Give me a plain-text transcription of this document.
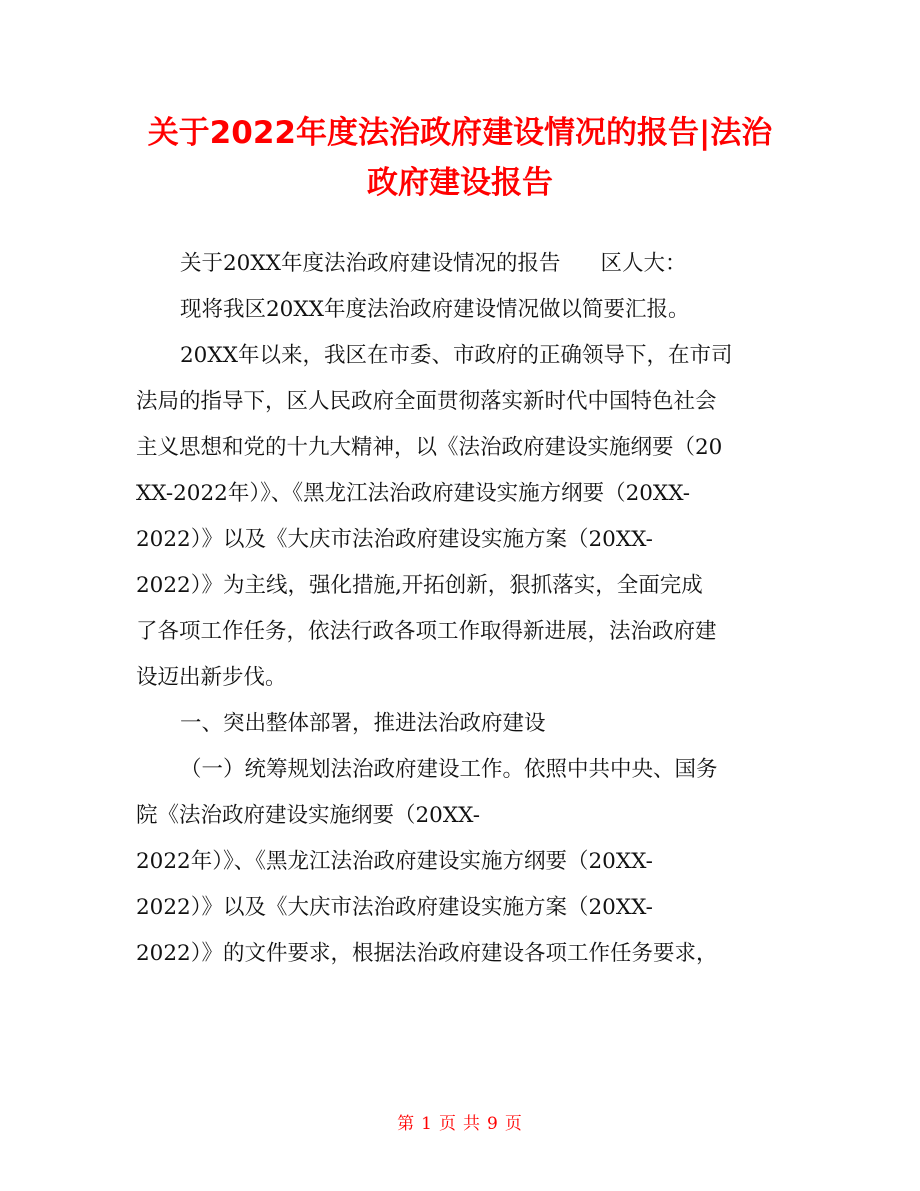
关于2022年度法治政府建设情况的报告|法治
政府建设报告
关于20XX年度法治政府建设情况的报告 区人大：
现将我区20XX年度法治政府建设情况做以简要汇报。
20XX年以来，我区在市委、市政府的正确领导下，在市司
法局的指导下，区人民政府全面贯彻落实新时代中国特色社会
主义思想和党的十九大精神，以《法治政府建设实施纲要（20
XX-2022年）》、《黑龙江法治政府建设实施方纲要（20XX-
2022）》以及《大庆市法治政府建设实施方案（20XX-
2022）》为主线，强化措施,开拓创新，狠抓落实，全面完成
了各项工作任务，依法行政各项工作取得新进展，法治政府建
设迈出新步伐。
一、突出整体部署，推进法治政府建设
（一）统筹规划法治政府建设工作。依照中共中央、国务
院《法治政府建设实施纲要（20XX-
2022年）》、《黑龙江法治政府建设实施方纲要（20XX-
2022）》以及《大庆市法治政府建设实施方案（20XX-
2022）》的文件要求，根据法治政府建设各项工作任务要求，
第 1 页 共 9 页
